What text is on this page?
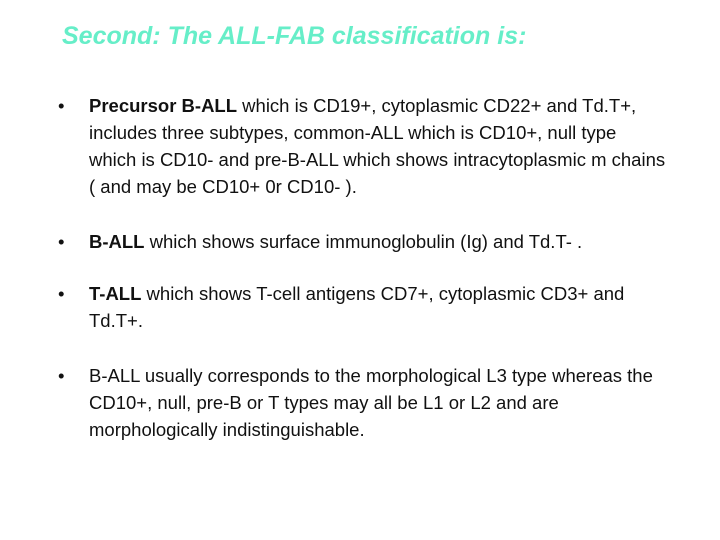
Second: The ALL-FAB classification is:
•	Precursor B-ALL which is CD19+, cytoplasmic CD22+ and Td.T+, includes three subtypes, common-ALL which is CD10+, null type which is CD10- and pre-B-ALL which shows intracytoplasmic m chains ( and may be CD10+ 0r CD10- ).
•	B-ALL which shows surface immunoglobulin (Ig) and Td.T- .
•	T-ALL which shows T-cell antigens CD7+, cytoplasmic CD3+ and Td.T+.
•	B-ALL usually corresponds to the morphological L3 type whereas the CD10+, null, pre-B or T types may all be L1 or L2 and are morphologically indistinguishable.
